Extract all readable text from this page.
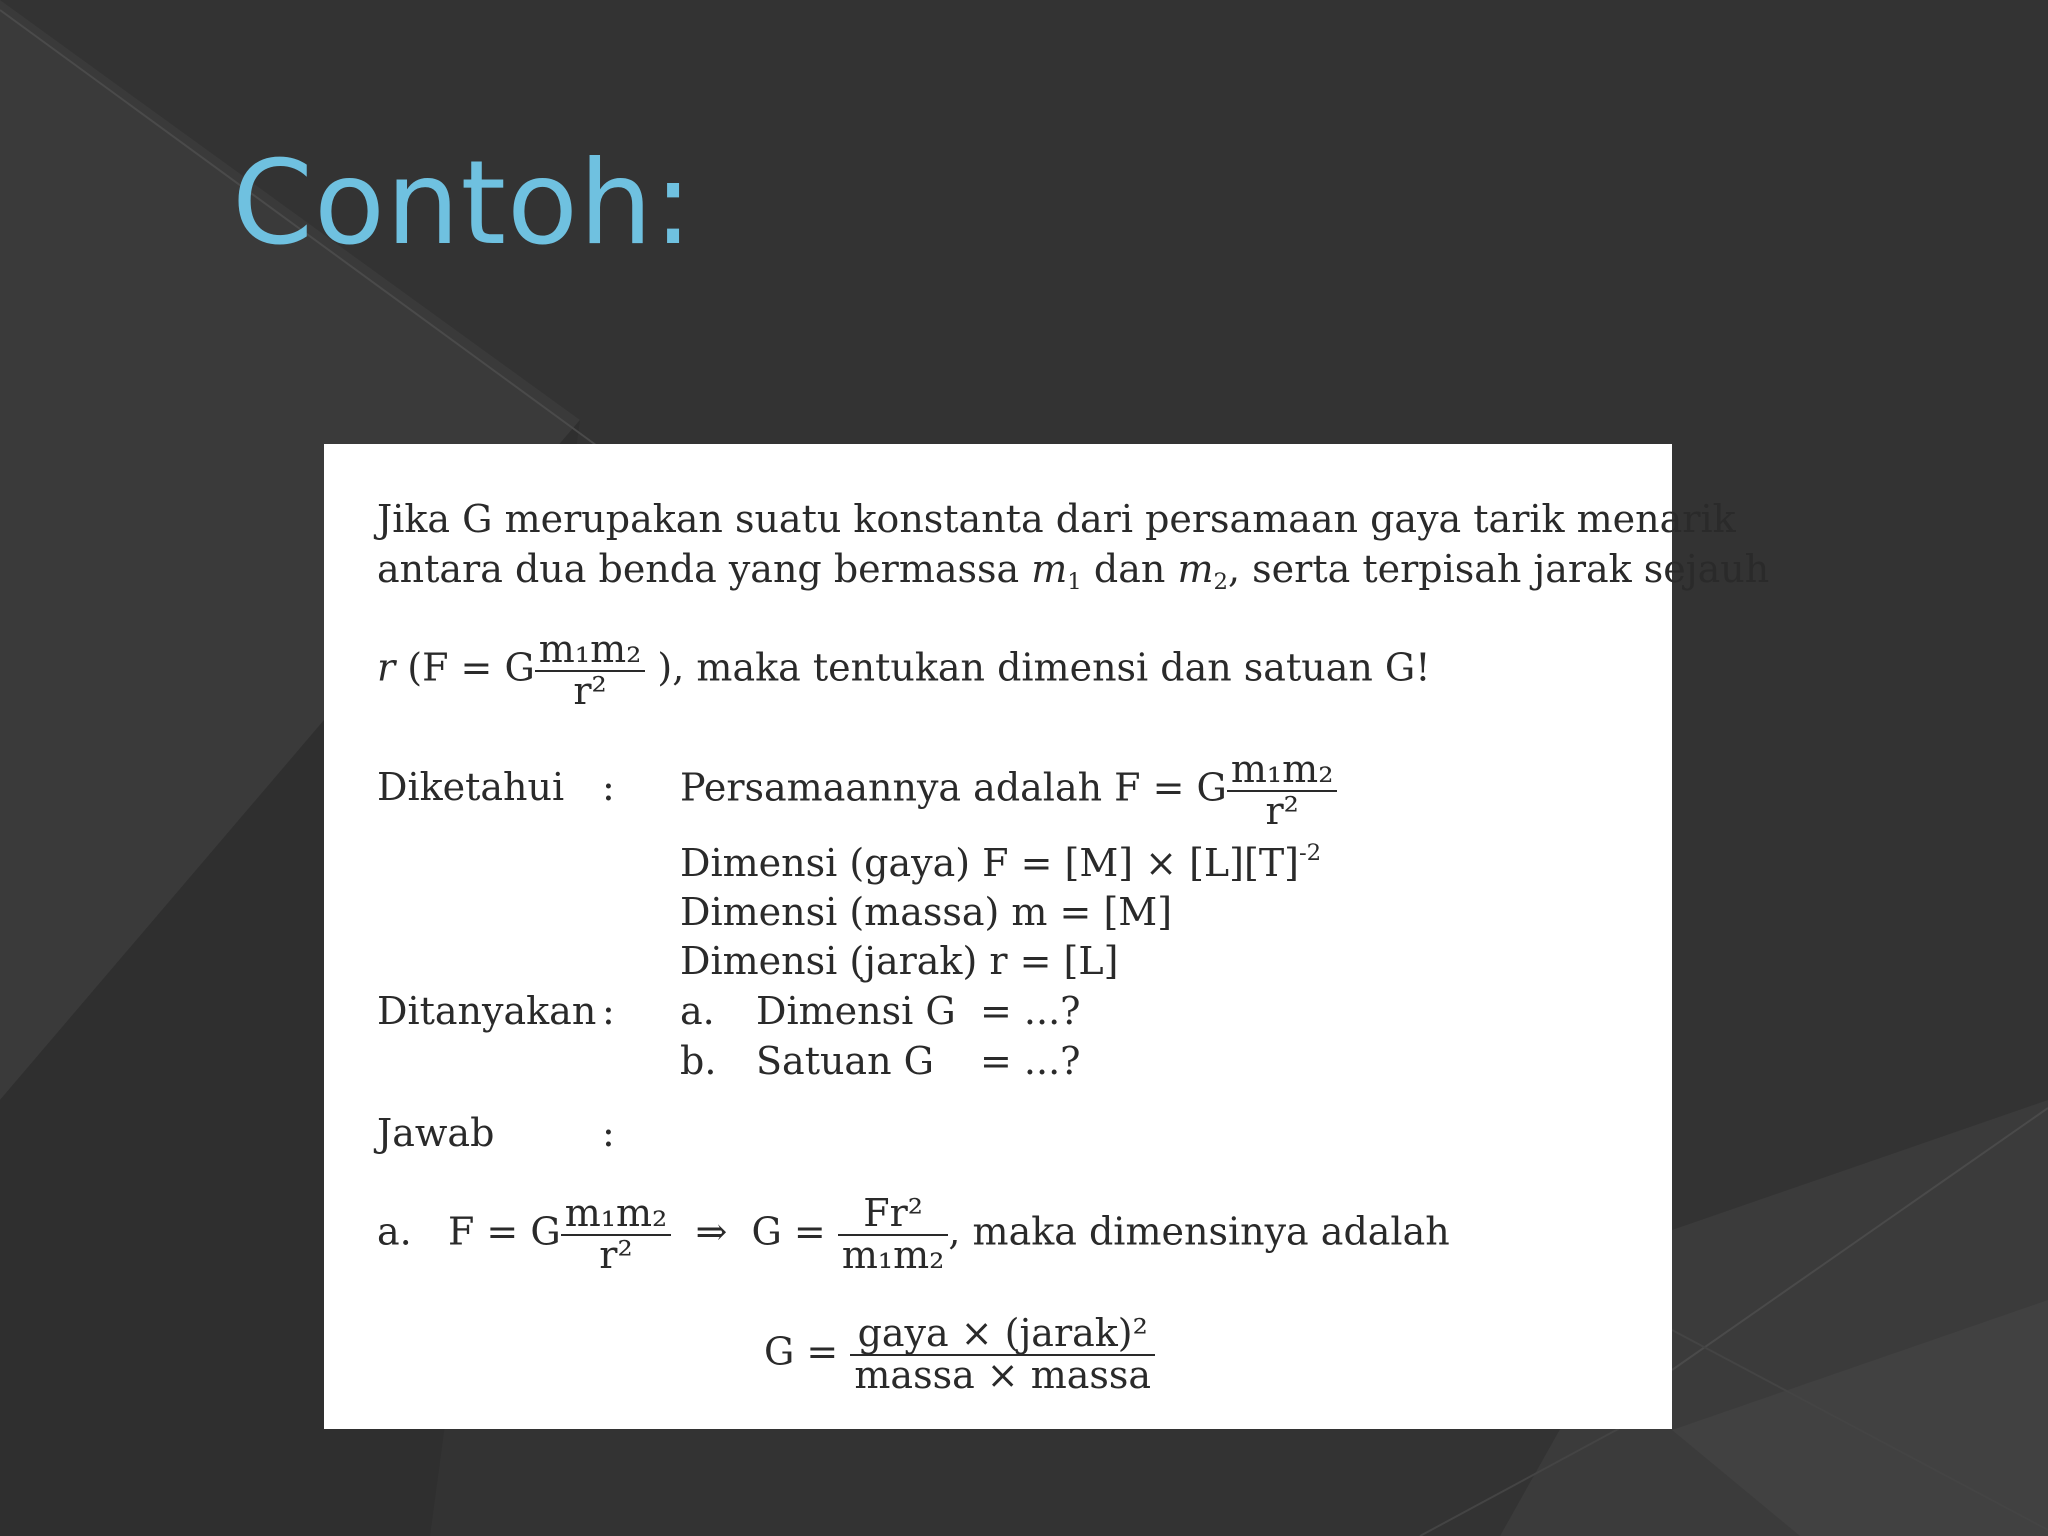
Contoh:
Jika G merupakan suatu konstanta dari persamaan gaya tarik menarik
antara dua benda yang bermassa $m_1$ dan $m_2$, serta terpisah jarak sejauh
r (F = G $\frac{\text{m₁m₂}}{\text{r²}}$ ), maka tentukan dimensi dan satuan G!
Diketahui : Persamaannya adalah F = G $\frac{\text{m₁m₂}}{\text{r²}}$
Dimensi (gaya) $F = [M] \times [L][T]^{-2}$
Dimensi (massa) m = [M]
Dimensi (jarak) r = [L]
Ditanyakan : a. Dimensi G = ...?
b. Satuan G = ...?
Jawab	:
a. F = G $\frac{\text{m₁m₂}}{\text{r²}}$ ⇒ $G = \frac{\text{Fr²}}{\text{m₁m₂}}$ , maka dimensinya adalah
$G = \frac{\text{gaya × (jarak)²}}{\text{massa × massa}}$
